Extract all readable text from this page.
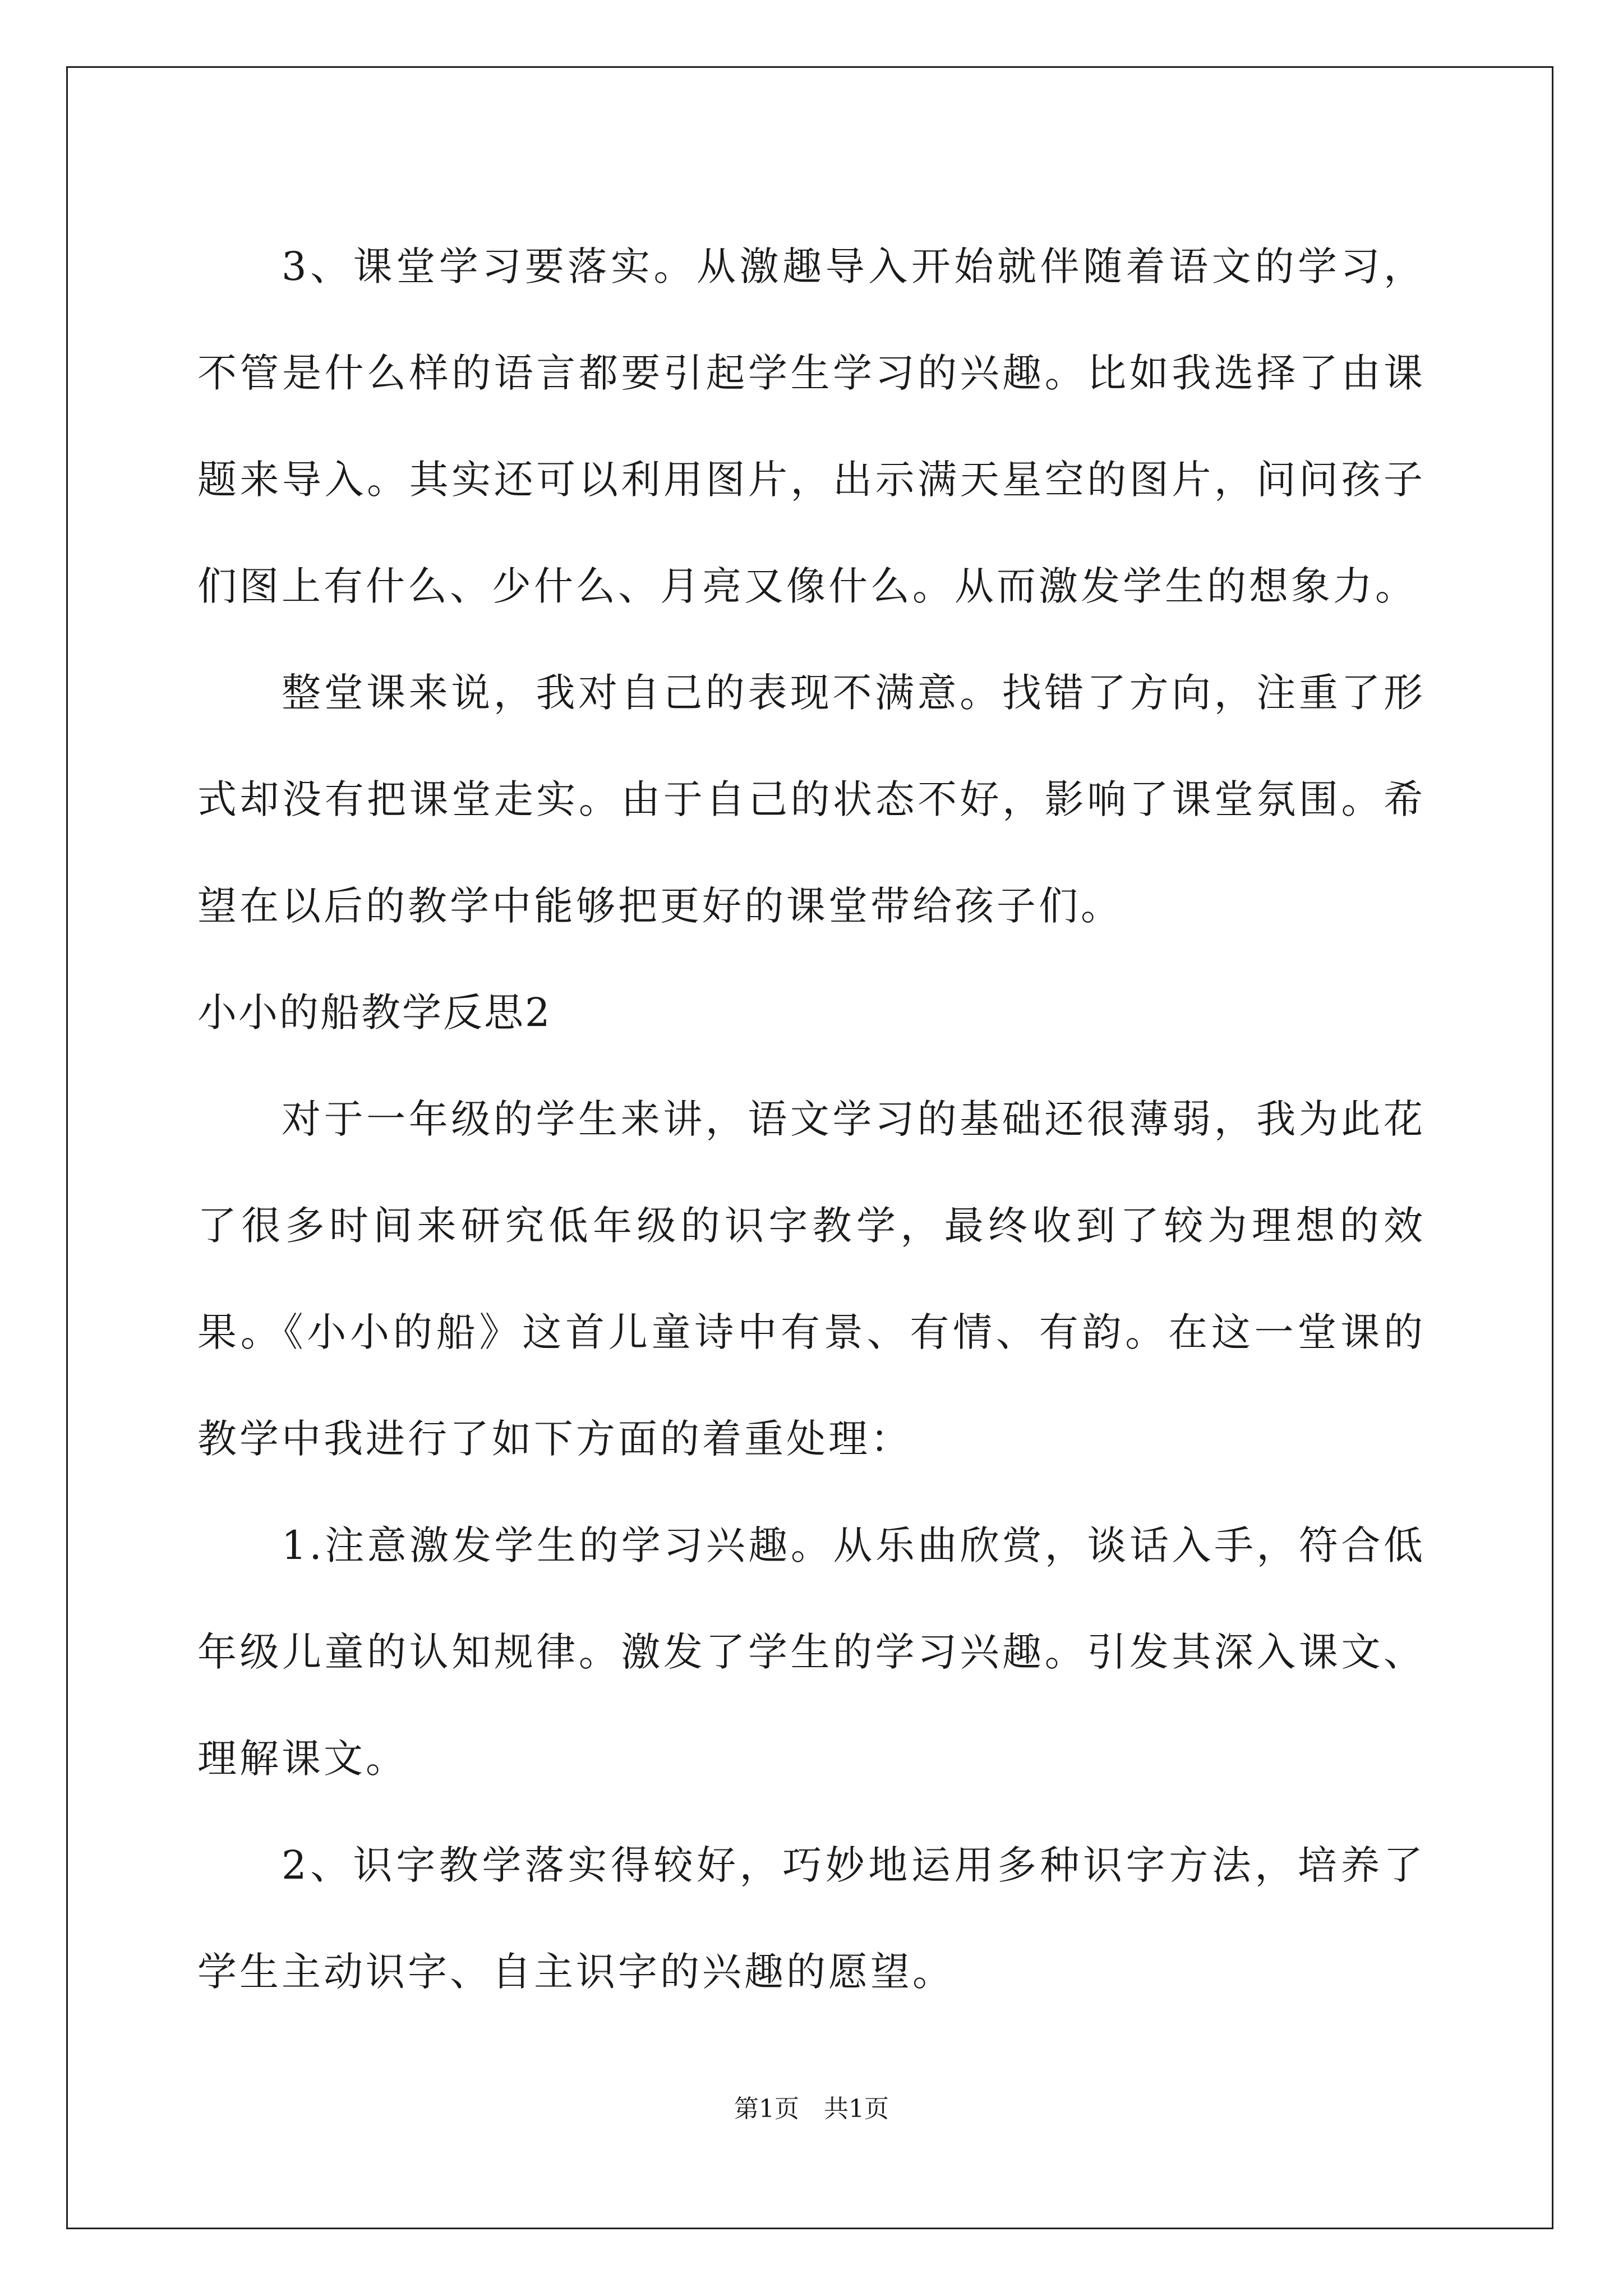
3、课堂学习要落实。从激趣导入开始就伴随着语文的学习，不管是什么样的语言都要引起学生学习的兴趣。比如我选择了由课题来导入。其实还可以利用图片，出示满天星空的图片，问问孩子们图上有什么、少什么、月亮又像什么。从而激发学生的想象力。

整堂课来说，我对自己的表现不满意。找错了方向，注重了形式却没有把课堂走实。由于自己的状态不好，影响了课堂氛围。希望在以后的教学中能够把更好的课堂带给孩子们。

小小的船教学反思2

对于一年级的学生来讲，语文学习的基础还很薄弱，我为此花了很多时间来研究低年级的识字教学，最终收到了较为理想的效果。《小小的船》这首儿童诗中有景、有情、有韵。在这一堂课的教学中我进行了如下方面的着重处理：

1.注意激发学生的学习兴趣。从乐曲欣赏，谈话入手，符合低年级儿童的认知规律。激发了学生的学习兴趣。引发其深入课文、理解课文。

2、识字教学落实得较好，巧妙地运用多种识字方法，培养了学生主动识字、自主识字的兴趣的愿望。

第1页 共1页
